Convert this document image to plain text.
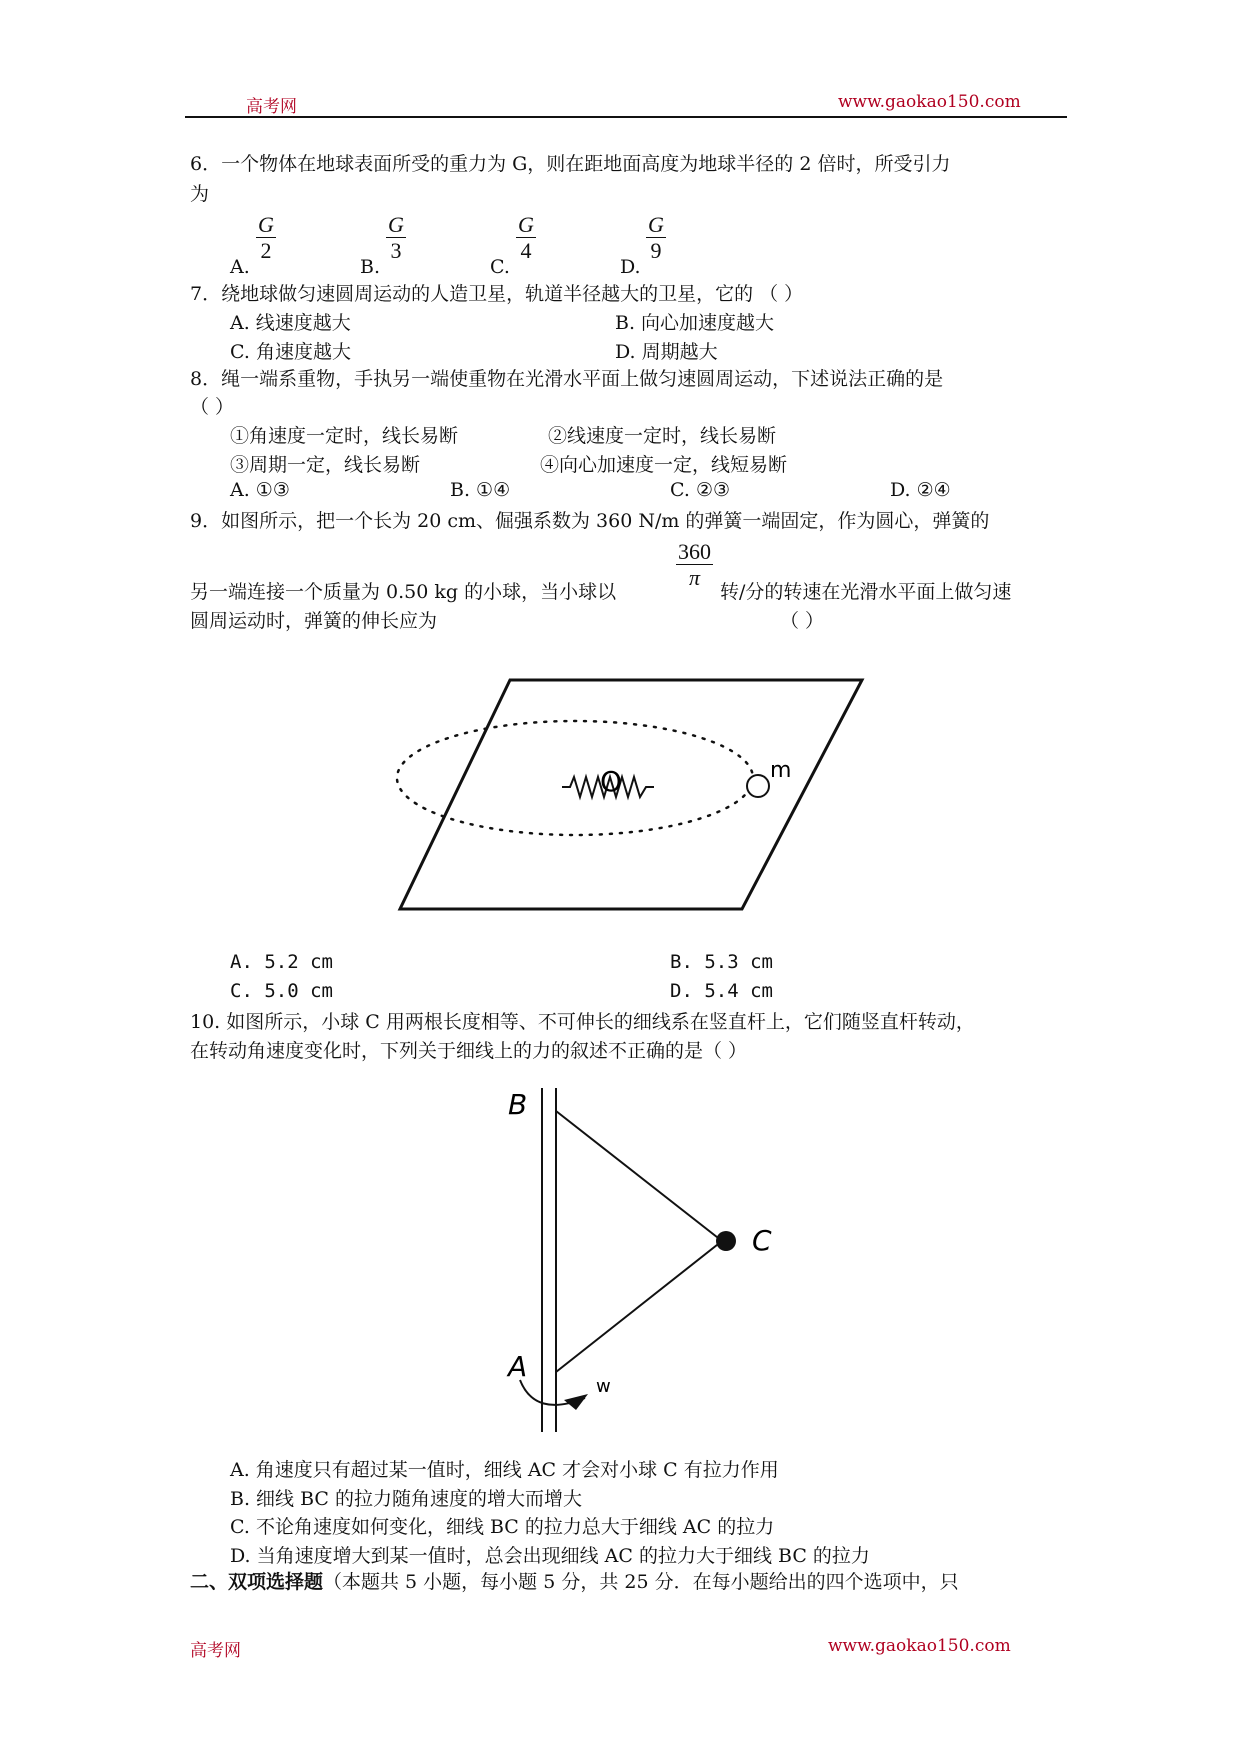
高考网	www.gaokao150.com
6．一个物体在地球表面所受的重力为 G，则在距地面高度为地球半径的 2 倍时，所受引力
为
A.
$\frac{G}{2}$
B.
$\frac{G}{3}$
C.
$\frac{G}{4}$
D.
$\frac{G}{9}$
7．绕地球做匀速圆周运动的人造卫星，轨道半径越大的卫星，它的 （ ）
A. 线速度越大	B. 向心加速度越大
C. 角速度越大	D. 周期越大
8．绳一端系重物，手执另一端使重物在光滑水平面上做匀速圆周运动，下述说法正确的是
（ ）
①角速度一定时，线长易断	②线速度一定时，线长易断
③周期一定，线长易断	④向心加速度一定，线短易断
A. ①③	B. ①④	C. ②③	D. ②④
9．如图所示，把一个长为 20 cm、倔强系数为 360 N/m 的弹簧一端固定，作为圆心，弹簧的
$\frac{360}{\pi}$
另一端连接一个质量为 0.50 kg 的小球，当小球以	转/分的转速在光滑水平面上做匀速
圆周运动时，弹簧的伸长应为	（ ）
O	m
A. 5.2 cm	B. 5.3 cm
C. 5.0 cm	D. 5.4 cm
10. 如图所示，小球 C 用两根长度相等、不可伸长的细线系在竖直杆上，它们随竖直杆转动，
在转动角速度变化时，下列关于细线上的力的叙述不正确的是（ ）
B
C
A
w
A. 角速度只有超过某一值时，细线 AC 才会对小球 C 有拉力作用
B. 细线 BC 的拉力随角速度的增大而增大
C. 不论角速度如何变化，细线 BC 的拉力总大于细线 AC 的拉力
D. 当角速度增大到某一值时，总会出现细线 AC 的拉力大于细线 BC 的拉力
二、双项选择题（本题共 5 小题，每小题 5 分，共 25 分．在每小题给出的四个选项中，只
高考网	www.gaokao150.com
